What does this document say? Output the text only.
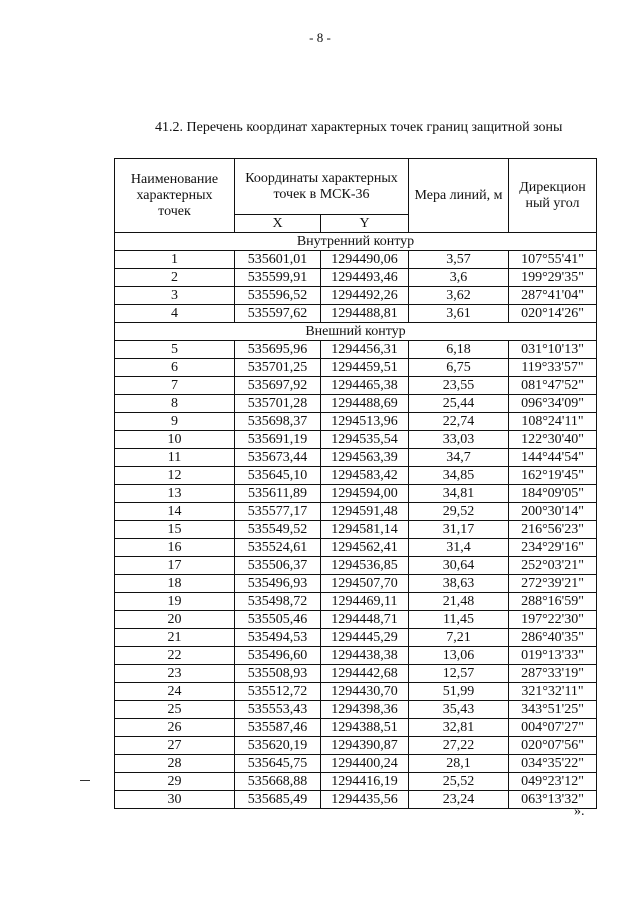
- 8 -
41.2. Перечень координат характерных точек границ защитной зоны
Наименование характерных точек	Координаты характерных точек в МСК-36		Мера линий, м	Дирекцион ный угол
	X	Y		
Внутренний контур				
1	535601,01	1294490,06	3,57	107°55'41"
2	535599,91	1294493,46	3,6	199°29'35"
3	535596,52	1294492,26	3,62	287°41'04"
4	535597,62	1294488,81	3,61	020°14'26"
Внешний контур				
5	535695,96	1294456,31	6,18	031°10'13"
6	535701,25	1294459,51	6,75	119°33'57"
7	535697,92	1294465,38	23,55	081°47'52"
8	535701,28	1294488,69	25,44	096°34'09"
9	535698,37	1294513,96	22,74	108°24'11"
10	535691,19	1294535,54	33,03	122°30'40"
11	535673,44	1294563,39	34,7	144°44'54"
12	535645,10	1294583,42	34,85	162°19'45"
13	535611,89	1294594,00	34,81	184°09'05"
14	535577,17	1294591,48	29,52	200°30'14"
15	535549,52	1294581,14	31,17	216°56'23"
16	535524,61	1294562,41	31,4	234°29'16"
17	535506,37	1294536,85	30,64	252°03'21"
18	535496,93	1294507,70	38,63	272°39'21"
19	535498,72	1294469,11	21,48	288°16'59"
20	535505,46	1294448,71	11,45	197°22'30"
21	535494,53	1294445,29	7,21	286°40'35"
22	535496,60	1294438,38	13,06	019°13'33"
23	535508,93	1294442,68	12,57	287°33'19"
24	535512,72	1294430,70	51,99	321°32'11"
25	535553,43	1294398,36	35,43	343°51'25"
26	535587,46	1294388,51	32,81	004°07'27"
27	535620,19	1294390,87	27,22	020°07'56"
28	535645,75	1294400,24	28,1	034°35'22"
29	535668,88	1294416,19	25,52	049°23'12"
30	535685,49	1294435,56	23,24	063°13'32"
».
